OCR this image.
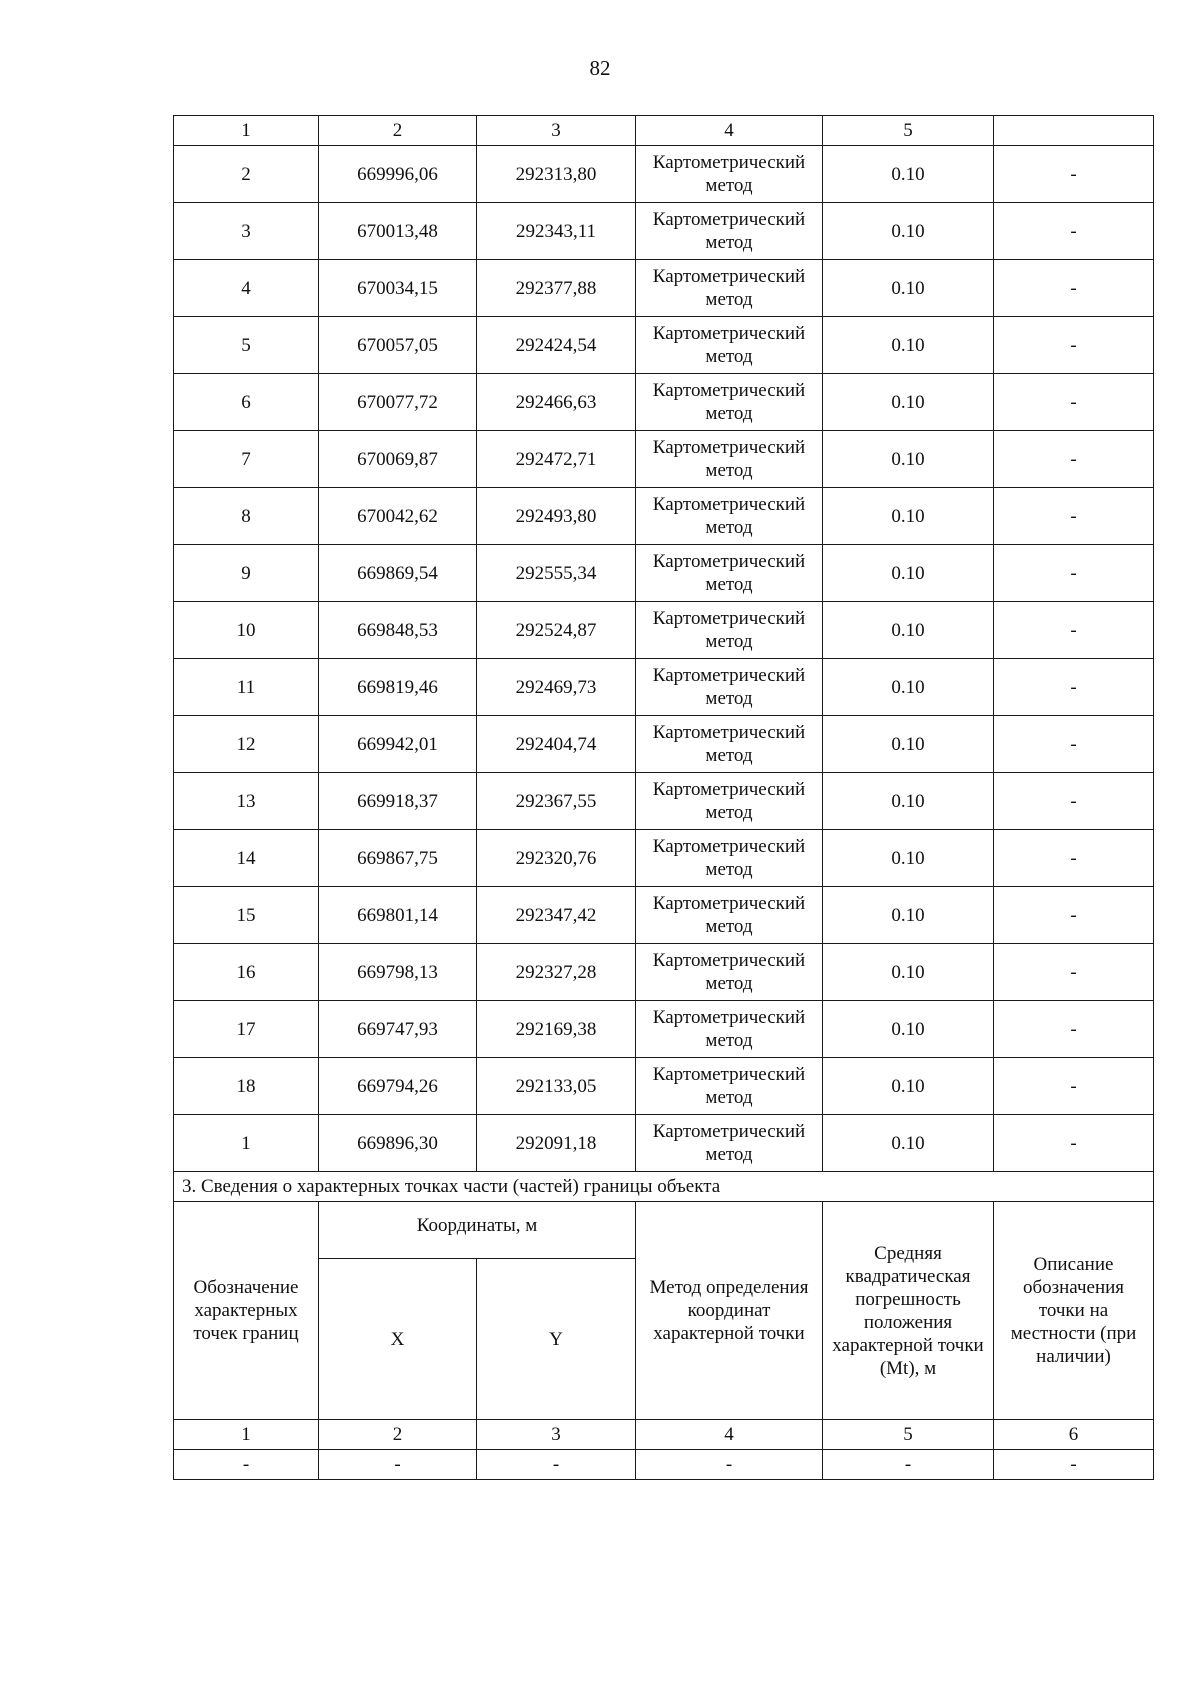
82
1	2	3	4	5	
2	669996,06	292313,80	Картометрический метод	0.10	-
3	670013,48	292343,11	Картометрический метод	0.10	-
4	670034,15	292377,88	Картометрический метод	0.10	-
5	670057,05	292424,54	Картометрический метод	0.10	-
6	670077,72	292466,63	Картометрический метод	0.10	-
7	670069,87	292472,71	Картометрический метод	0.10	-
8	670042,62	292493,80	Картометрический метод	0.10	-
9	669869,54	292555,34	Картометрический метод	0.10	-
10	669848,53	292524,87	Картометрический метод	0.10	-
11	669819,46	292469,73	Картометрический метод	0.10	-
12	669942,01	292404,74	Картометрический метод	0.10	-
13	669918,37	292367,55	Картометрический метод	0.10	-
14	669867,75	292320,76	Картометрический метод	0.10	-
15	669801,14	292347,42	Картометрический метод	0.10	-
16	669798,13	292327,28	Картометрический метод	0.10	-
17	669747,93	292169,38	Картометрический метод	0.10	-
18	669794,26	292133,05	Картометрический метод	0.10	-
1	669896,30	292091,18	Картометрический метод	0.10	-
3. Сведения о характерных точках части (частей) границы объекта					
Обозначение характерных точек границ	Координаты, м		Метод определения координат характерной точки	Средняя квадратическая погрешность положения характерной точки (Mt), м	Описание обозначения точки на местности (при наличии)
	X	Y			
1	2	3	4	5	6
-	-	-	-	-	-
